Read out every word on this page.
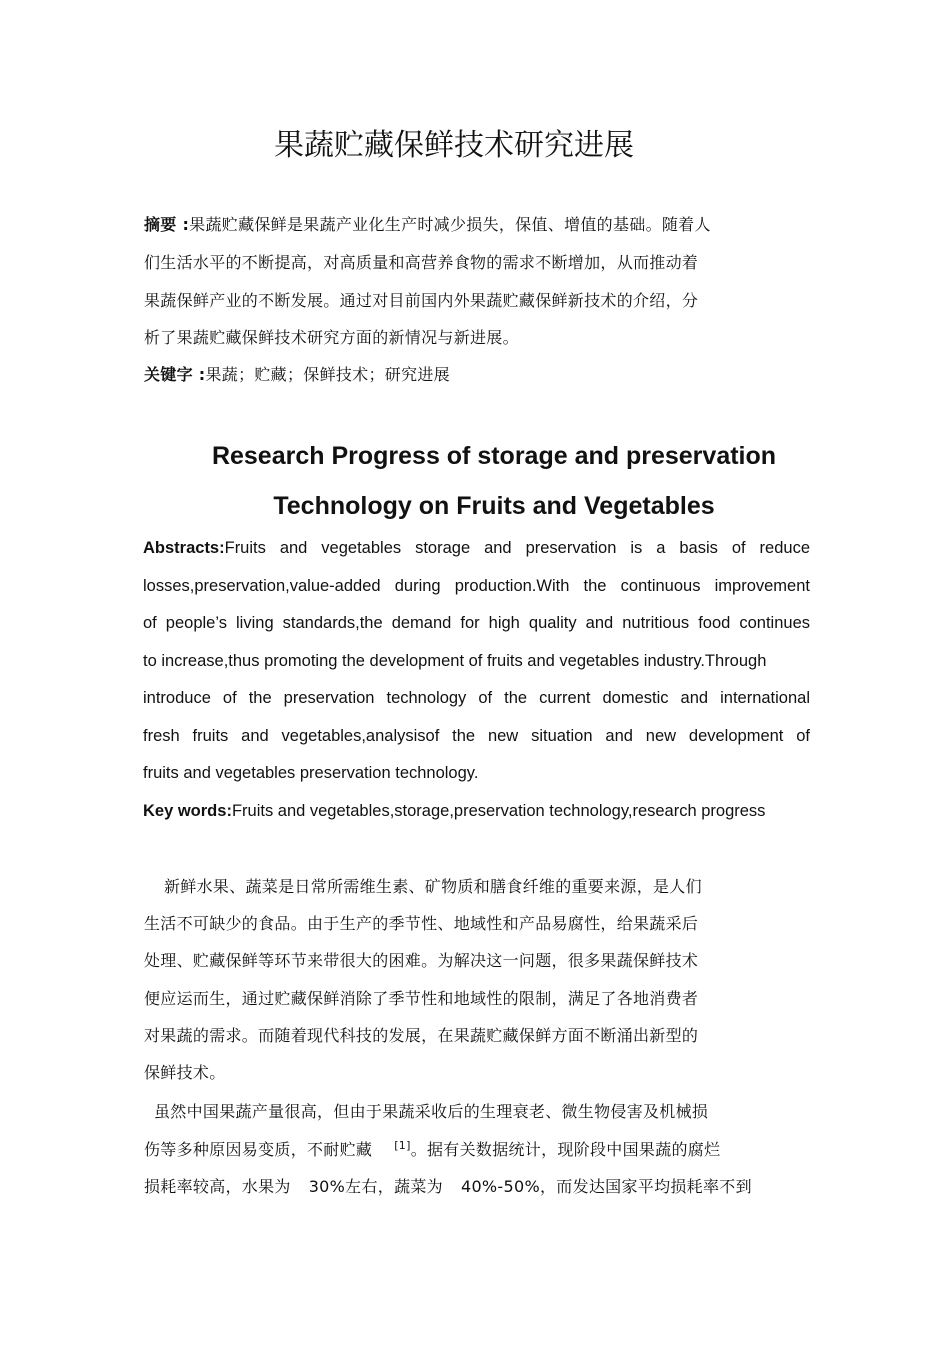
果蔬贮藏保鲜技术研究进展
摘要 :果蔬贮藏保鲜是果蔬产业化生产时减少损失，保值、增值的基础。随着人
们生活水平的不断提高，对高质量和高营养食物的需求不断增加，从而推动着
果蔬保鲜产业的不断发展。通过对目前国内外果蔬贮藏保鲜新技术的介绍，分
析了果蔬贮藏保鲜技术研究方面的新情况与新进展。
关键字 :果蔬；贮藏；保鲜技术；研究进展
Research Progress of storage and preservation
Technology on Fruits and Vegetables
Abstracts:Fruits and vegetables storage and preservation is a basis of reduce
losses,preservation,value-added during production.With the continuous improvement
of people’s living standards,the demand for high quality and nutritious food continues
to increase,thus promoting the development of fruits and vegetables industry.Through
introduce of the preservation technology of the current domestic and international
fresh fruits and vegetables,analysisof the new situation and new development of
fruits and vegetables preservation technology.
Key words:Fruits and vegetables,storage,preservation technology,research progress
新鲜水果、蔬菜是日常所需维生素、矿物质和膳食纤维的重要来源，是人们
生活不可缺少的食品。由于生产的季节性、地域性和产品易腐性，给果蔬采后
处理、贮藏保鲜等环节来带很大的困难。为解决这一问题，很多果蔬保鲜技术
便应运而生，通过贮藏保鲜消除了季节性和地域性的限制，满足了各地消费者
对果蔬的需求。而随着现代科技的发展，在果蔬贮藏保鲜方面不断涌出新型的
保鲜技术。
虽然中国果蔬产量很高，但由于果蔬采收后的生理衰老、微生物侵害及机械损
伤等多种原因易变质，不耐贮藏 [1]。据有关数据统计，现阶段中国果蔬的腐烂
损耗率较高，水果为 30%左右，蔬菜为 40%-50%，而发达国家平均损耗率不到
